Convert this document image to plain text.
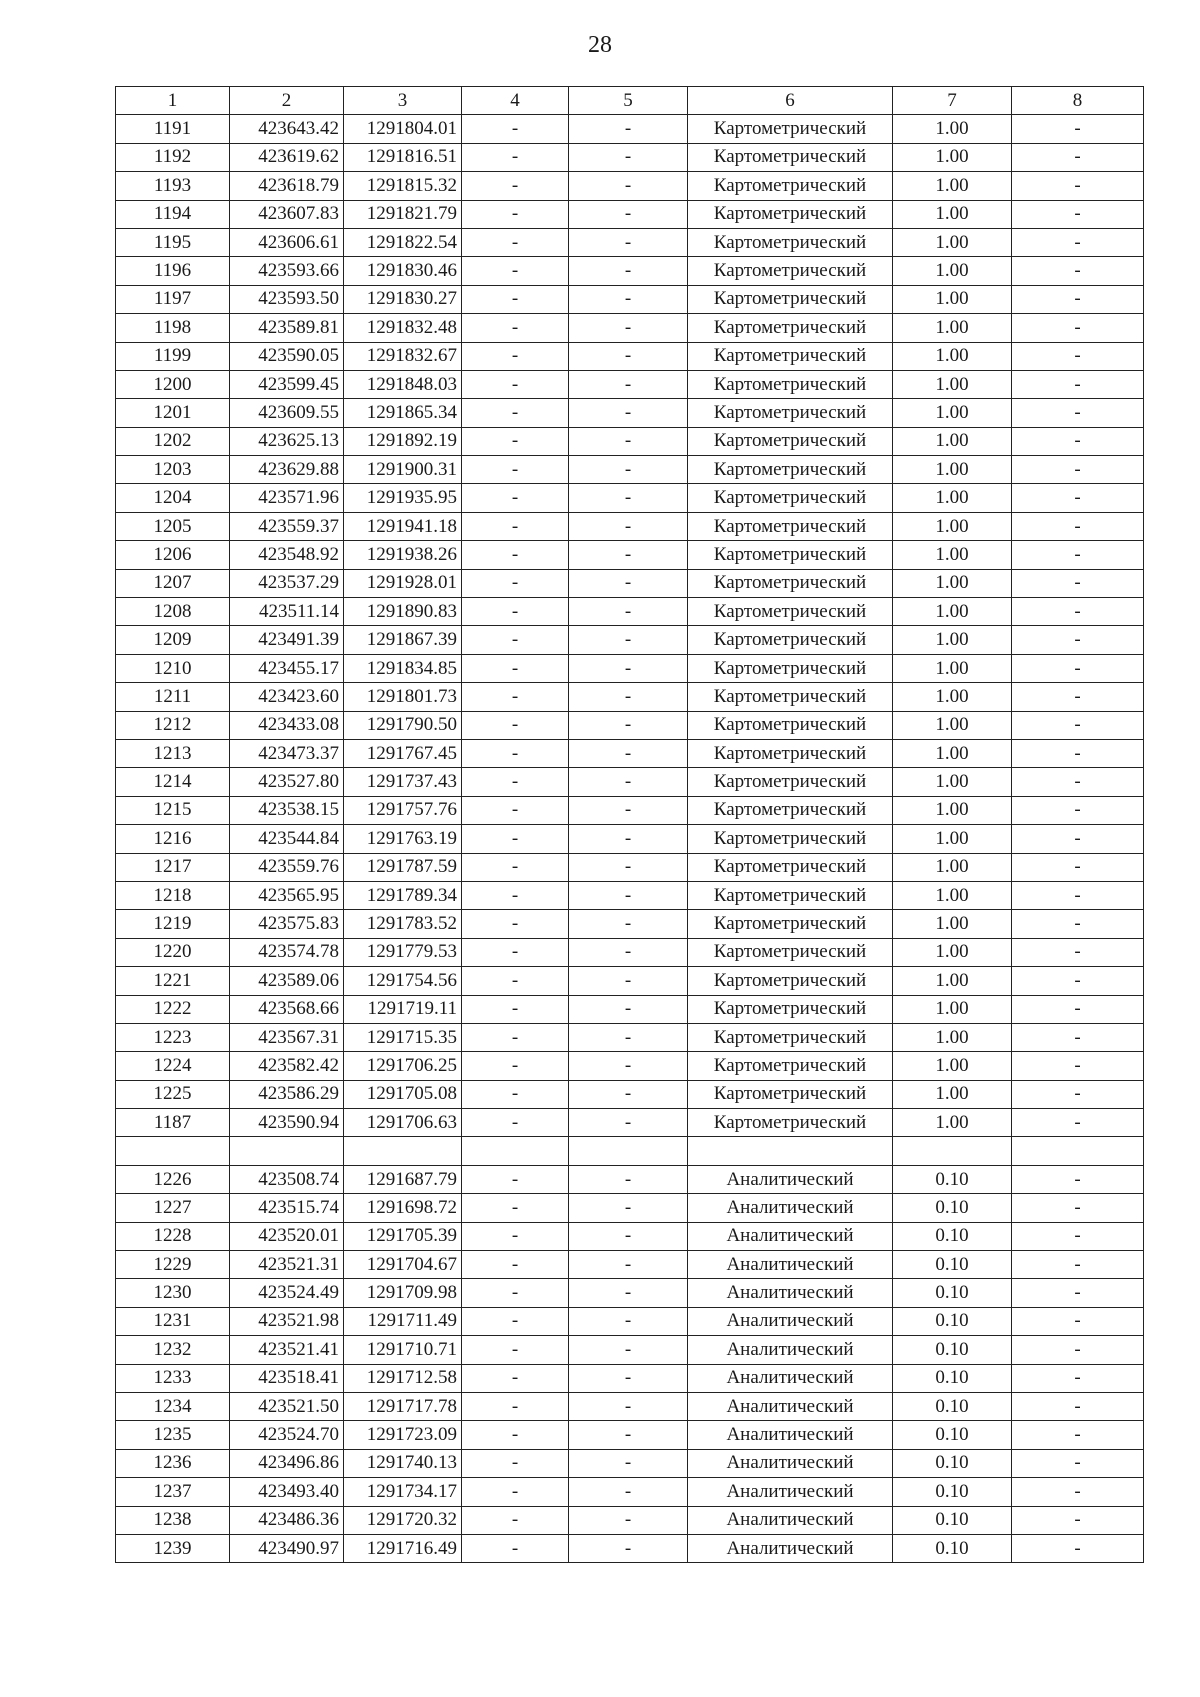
28
1	2	3	4	5	6	7	8
1191	423643.42	1291804.01	-	-	Картометрический	1.00	-
1192	423619.62	1291816.51	-	-	Картометрический	1.00	-
1193	423618.79	1291815.32	-	-	Картометрический	1.00	-
1194	423607.83	1291821.79	-	-	Картометрический	1.00	-
1195	423606.61	1291822.54	-	-	Картометрический	1.00	-
1196	423593.66	1291830.46	-	-	Картометрический	1.00	-
1197	423593.50	1291830.27	-	-	Картометрический	1.00	-
1198	423589.81	1291832.48	-	-	Картометрический	1.00	-
1199	423590.05	1291832.67	-	-	Картометрический	1.00	-
1200	423599.45	1291848.03	-	-	Картометрический	1.00	-
1201	423609.55	1291865.34	-	-	Картометрический	1.00	-
1202	423625.13	1291892.19	-	-	Картометрический	1.00	-
1203	423629.88	1291900.31	-	-	Картометрический	1.00	-
1204	423571.96	1291935.95	-	-	Картометрический	1.00	-
1205	423559.37	1291941.18	-	-	Картометрический	1.00	-
1206	423548.92	1291938.26	-	-	Картометрический	1.00	-
1207	423537.29	1291928.01	-	-	Картометрический	1.00	-
1208	423511.14	1291890.83	-	-	Картометрический	1.00	-
1209	423491.39	1291867.39	-	-	Картометрический	1.00	-
1210	423455.17	1291834.85	-	-	Картометрический	1.00	-
1211	423423.60	1291801.73	-	-	Картометрический	1.00	-
1212	423433.08	1291790.50	-	-	Картометрический	1.00	-
1213	423473.37	1291767.45	-	-	Картометрический	1.00	-
1214	423527.80	1291737.43	-	-	Картометрический	1.00	-
1215	423538.15	1291757.76	-	-	Картометрический	1.00	-
1216	423544.84	1291763.19	-	-	Картометрический	1.00	-
1217	423559.76	1291787.59	-	-	Картометрический	1.00	-
1218	423565.95	1291789.34	-	-	Картометрический	1.00	-
1219	423575.83	1291783.52	-	-	Картометрический	1.00	-
1220	423574.78	1291779.53	-	-	Картометрический	1.00	-
1221	423589.06	1291754.56	-	-	Картометрический	1.00	-
1222	423568.66	1291719.11	-	-	Картометрический	1.00	-
1223	423567.31	1291715.35	-	-	Картометрический	1.00	-
1224	423582.42	1291706.25	-	-	Картометрический	1.00	-
1225	423586.29	1291705.08	-	-	Картометрический	1.00	-
1187	423590.94	1291706.63	-	-	Картометрический	1.00	-

1226	423508.74	1291687.79	-	-	Аналитический	0.10	-
1227	423515.74	1291698.72	-	-	Аналитический	0.10	-
1228	423520.01	1291705.39	-	-	Аналитический	0.10	-
1229	423521.31	1291704.67	-	-	Аналитический	0.10	-
1230	423524.49	1291709.98	-	-	Аналитический	0.10	-
1231	423521.98	1291711.49	-	-	Аналитический	0.10	-
1232	423521.41	1291710.71	-	-	Аналитический	0.10	-
1233	423518.41	1291712.58	-	-	Аналитический	0.10	-
1234	423521.50	1291717.78	-	-	Аналитический	0.10	-
1235	423524.70	1291723.09	-	-	Аналитический	0.10	-
1236	423496.86	1291740.13	-	-	Аналитический	0.10	-
1237	423493.40	1291734.17	-	-	Аналитический	0.10	-
1238	423486.36	1291720.32	-	-	Аналитический	0.10	-
1239	423490.97	1291716.49	-	-	Аналитический	0.10	-
